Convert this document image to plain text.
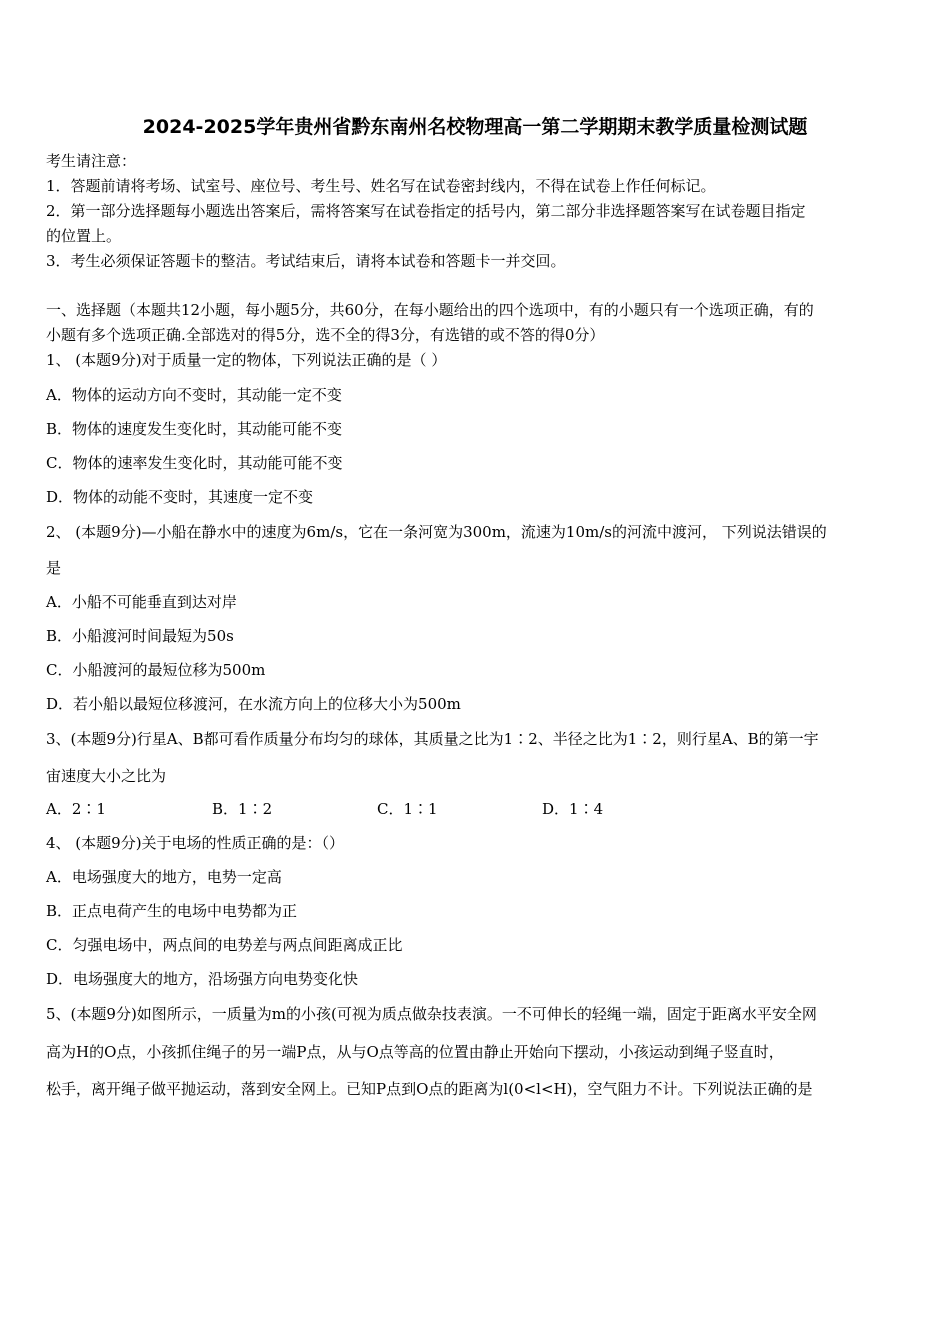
2024-2025学年贵州省黔东南州名校物理高一第二学期期末教学质量检测试题
考生请注意：
1．答题前请将考场、试室号、座位号、考生号、姓名写在试卷密封线内，不得在试卷上作任何标记。
2．第一部分选择题每小题选出答案后，需将答案写在试卷指定的括号内，第二部分非选择题答案写在试卷题目指定
的位置上。
3．考生必须保证答题卡的整洁。考试结束后，请将本试卷和答题卡一并交回。
一、选择题（本题共12小题，每小题5分，共60分，在每小题给出的四个选项中，有的小题只有一个选项正确，有的
小题有多个选项正确.全部选对的得5分，选不全的得3分，有选错的或不答的得0分）
1、 (本题9分)对于质量一定的物体，下列说法正确的是（ ）
A．物体的运动方向不变时，其动能一定不变
B．物体的速度发生变化时，其动能可能不变
C．物体的速率发生变化时，其动能可能不变
D．物体的动能不变时，其速度一定不变
2、 (本题9分)—小船在静水中的速度为6m/s，它在一条河宽为300m，流速为10m/s的河流中渡河， 下列说法错误的
是
A．小船不可能垂直到达对岸
B．小船渡河时间最短为50s
C．小船渡河的最短位移为500m
D．若小船以最短位移渡河，在水流方向上的位移大小为500m
3、(本题9分)行星A、B都可看作质量分布均匀的球体，其质量之比为1∶2、半径之比为1∶2，则行星A、B的第一宇
宙速度大小之比为
A．2∶1	B．1∶2	C．1∶1	D．1∶4
4、 (本题9分)关于电场的性质正确的是：（）
A．电场强度大的地方，电势一定高
B．正点电荷产生的电场中电势都为正
C．匀强电场中，两点间的电势差与两点间距离成正比
D．电场强度大的地方，沿场强方向电势变化快
5、(本题9分)如图所示，一质量为m的小孩(可视为质点做杂技表演。一不可伸长的轻绳一端，固定于距离水平安全网
高为H的O点，小孩抓住绳子的另一端P点，从与O点等高的位置由静止开始向下摆动，小孩运动到绳子竖直时，
松手，离开绳子做平抛运动，落到安全网上。已知P点到O点的距离为l(0<l<H)，空气阻力不计。下列说法正确的是
